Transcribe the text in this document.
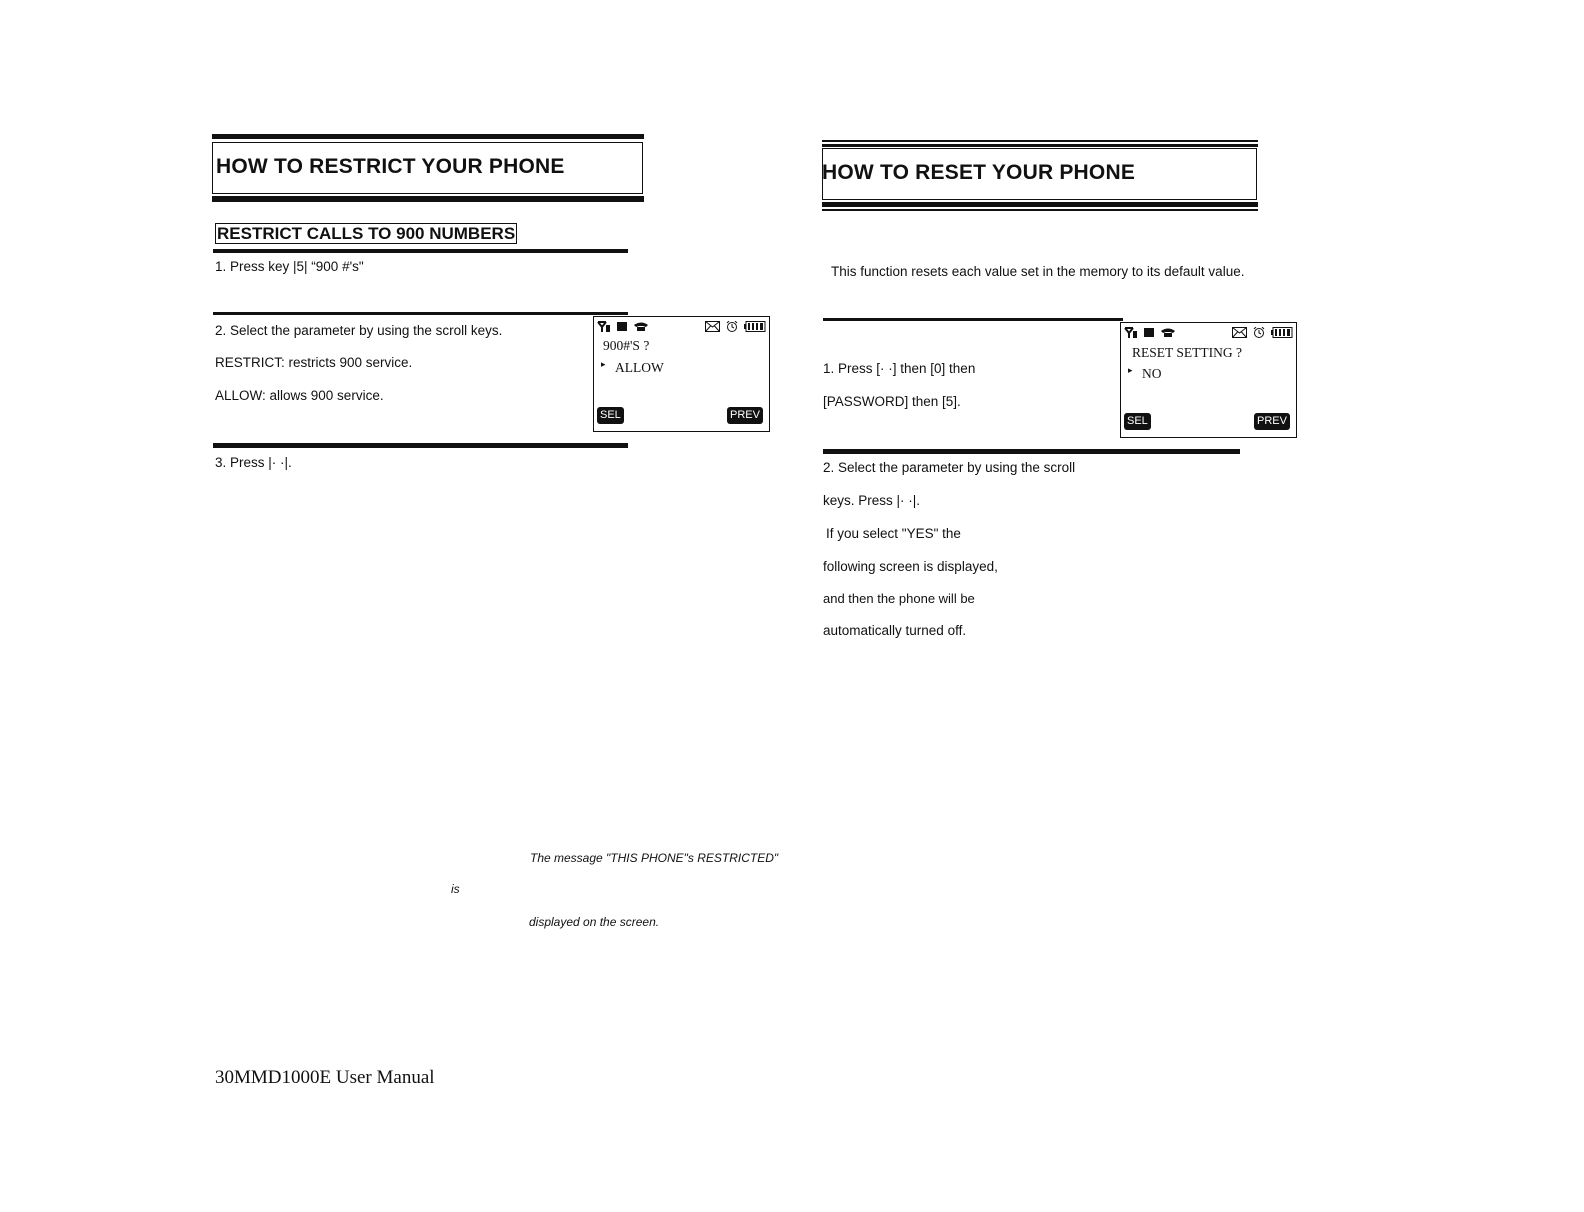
HOW TO RESTRICT YOUR PHONE
RESTRICT CALLS TO 900 NUMBERS
1. Press key |5| “900 #'s"
2. Select the parameter by using the scroll keys.
RESTRICT: restricts 900 service.
ALLOW: allows 900 service.
900#'S ?
▸ ALLOW
SEL	PREV
3. Press |· ·|.
The message "THIS PHONE"s RESTRICTED"
is
displayed on the screen.
30MMD1000E User Manual
HOW TO RESET YOUR PHONE
This function resets each value set in the memory to its default value.
1. Press [· ·] then [0] then
[PASSWORD] then [5].
RESET SETTING ?
▸ NO
SEL	PREV
2. Select the parameter by using the scroll
keys. Press |· ·|.
If you select "YES" the
following screen is displayed,
and then the phone will be
automatically turned off.
